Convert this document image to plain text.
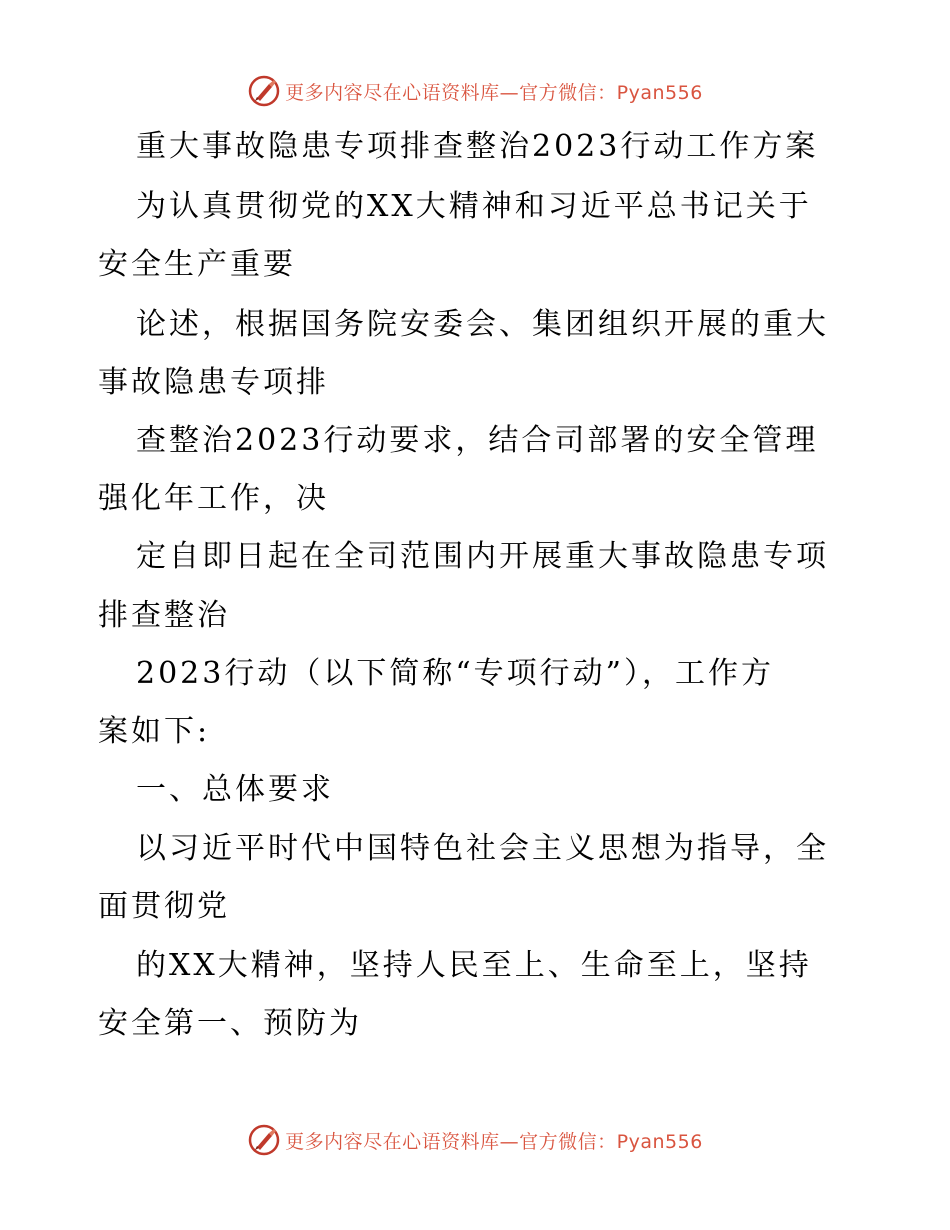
更多内容尽在心语资料库—官方微信：Pyan556
重大事故隐患专项排查整治2023行动工作方案
为认真贯彻党的XX大精神和习近平总书记关于
安全生产重要
论述，根据国务院安委会、集团组织开展的重大
事故隐患专项排
查整治2023行动要求，结合司部署的安全管理
强化年工作，决
定自即日起在全司范围内开展重大事故隐患专项
排查整治
2023行动（以下简称“专项行动”），工作方
案如下:
一、总体要求
以习近平时代中国特色社会主义思想为指导，全
面贯彻党
的XX大精神，坚持人民至上、生命至上，坚持
安全第一、预防为
更多内容尽在心语资料库—官方微信：Pyan556
